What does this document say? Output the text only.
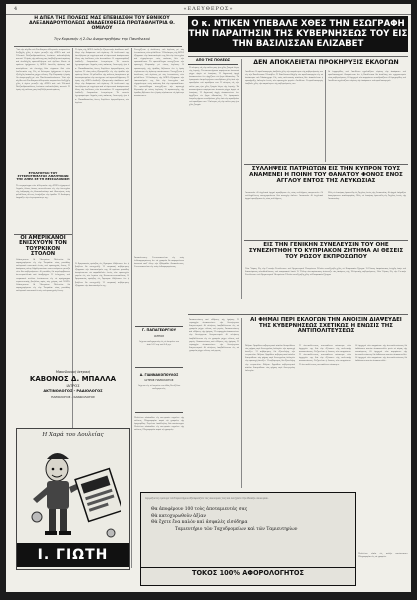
4	«ΕΛΕΥΘΕΡΟΣ»
Η ΑΠΕΛ ΤΗΣ ΠΟΛΕΩΣ ΜΑΣ ΕΠΕΒΙΑΣΘΗ ΤΟΥ ΕΘΝΙΚΟΥ ΑΛΕΞΑΝΔΡΟΥΠΟΛΕΩΣ ΑΝΑΔΕΙΧΘΕΙΣΑ ΠΡΩΤΑΘΛΗΤΡΙΑ Θ. ΟΜΙΛΟΥ
Την Κυριακήν ή 2-0ω Αναμετρηθήσω την Πανεθνικού
Ὑπὸ τὴν αἰγίδα τοῦ Συνδέσμου ἀθλητικῶν σωματείων διεξήχθη χθὲς ὁ ἀγὼν μεταξὺ τῆς ΑΠΕΛ καὶ τοῦ Ἐθνικοῦ Ἀλεξανδρουπόλεως ἐνώπιον πολυπληθοῦς κοινοῦ. Ἡ ὁμὰς τῆς πόλεως μας ἐπεβλήθη κατὰ κράτος καὶ ἀνεδείχθη πρωταθλήτρια τοῦ ὁμίλου. Κατὰ τὸ πρῶτον ἡμίχρονον ἡ ΑΠΕΛ ἐπετέθη ἀμέσως καὶ κατώρθωσε νὰ ἐπιτύχῃ δύο τέρματα διὰ τῶν ἐπιθετικῶν της. Εἰς τὸ δεύτερον ἡμίχρονον ὁ ἀγὼν ἐξελίχθη ἰσόπαλος μέχρι τέλους. Τὴν Κυριακὴν ἡ ὁμὰς θὰ ἀναμετρηθῇ μὲ τὸν Πανθεσσαλονίκειον. Ὑπὸ τὴν αἰγίδα τοῦ Συνδέσμου ἀθλητικῶν σωματείων διεξήχθη χθὲς ὁ ἀγὼν μεταξὺ τῆς ΑΠΕΛ καὶ τοῦ Ἐθνικοῦ Ἀλεξανδρουπόλεως ἐνώπιον πολυπληθοῦς κοινοῦ. Ἡ ὁμὰς τῆς πόλεως μας ἐπεβλήθη κατὰ κράτος.
Ἡ ὁμὰς τῆς ΑΠΕΛ ἐπέδειξε ἐξαιρετικὴν ἀπόδοσιν καθ' ὅλην τὴν διάρκειαν τοῦ ἀγῶνος. Οἱ ἐπιθετικοὶ της ἐκινήθησαν μὲ ταχύτητα καὶ οἱ ἀμυντικοὶ ἀπέκρουσαν ὅλας τὰς ἐπιθέσεις τῶν ἀντιπάλων. Ὁ τερματοφύλαξ ἐπέδειξε θαυμασίαν ἑτοιμότητα. Τὸ κοινὸν ἐχειροκρότησε θερμῶς τοὺς παίκτας. Διαιτητὴς ἦτο ὁ κ. Παπαδόπουλος ὅστις διηύθυνε ἀμερολήπτως τὸν ἀγῶνα. Ἡ νίκη αὕτη ἐξασφαλίζει εἰς τὴν ὁμάδα τὴν πρώτην θέσιν. Οἱ φίλαθλοι τῆς πόλεως ἀναμένουν μὲ ἀνυπομονησίαν τὴν συνέχειαν τοῦ πρωταθλήματος. Ἡ ὁμὰς τῆς ΑΠΕΛ ἐπέδειξε ἐξαιρετικὴν ἀπόδοσιν καθ' ὅλην τὴν διάρκειαν τοῦ ἀγῶνος. Οἱ ἐπιθετικοὶ της ἐκινήθησαν μὲ ταχύτητα καὶ οἱ ἀμυντικοὶ ἀπέκρουσαν ὅλας τὰς ἐπιθέσεις τῶν ἀντιπάλων. Ὁ τερματοφύλαξ ἐπέδειξε θαυμασίαν ἑτοιμότητα. Τὸ κοινὸν ἐχειροκρότησε θερμῶς τοὺς παίκτας. Διαιτητὴς ἦτο ὁ κ. Παπαδόπουλος ὅστις διηύθυνε ἀμερολήπτως τὸν ἀγῶνα.
ΕΥΧΑΡΙΣΤΙΑΙ ΤΟΥ ΣΥΓΚΡΟΤΗΜΑΤΟΣ ΑΘΛΗΤΙΚΩΝ ΤΗΣ ΑΠΕΛ ΣΕ ΤΗ ΘΕΣΣΑΛΟΝΙΚΗ
Τὸ συγκρότημα τῶν ἀθλητικῶν τῆς ΑΠΕΛ εὐχαριστεῖ θερμῶς ὅλους ὅσους συνετέλεσαν εἰς τὴν ἐπιτυχίαν τῆς ἐκδρομῆς εἰς Θεσσαλονίκην καὶ ἰδιαιτέρως τοὺς φιλάθλους οἵτινες ἐστήριξαν τὴν ὁμάδα. Ἡ διοίκησις ἐκφράζει τὴν εὐγνωμοσύνην της.
ΟΙ ΑΜΕΡΙΚΑΝΟΙ ΕΝΙΣΧΥΟΥΝ ΤΟΝ ΤΟΥΡΚΙΚΟΝ ΣΤΟΛΟΝ
Οὐάσιγκτων. Αἱ Ἡνωμέναι Πολιτεῖαι θὰ παραχωρήσουν εἰς τὴν Τουρκίαν νέας μονάδας πολεμικοῦ ναυτικοῦ ἐντὸς τοῦ προσεχοῦς ἔτους. Ἡ ἀπόφασις αὕτη ἐλήφθη κατόπιν συνεννοήσεων μεταξὺ τῶν δύο κυβερνήσεων. Αἱ μονάδες θὰ περιλαμβάνουν ἀντιτορπιλλικὰ καὶ ὑποβρύχια. Ἡ ἐνίσχυσις τοῦ τουρκικοῦ στόλου ἐντάσσεται εἰς τὸ πρόγραμμα στρατιωτικῆς βοηθείας πρὸς τὰς χώρας τοῦ ΝΑΤΟ. Οὐάσιγκτων. Αἱ Ἡνωμέναι Πολιτεῖαι θὰ παραχωρήσουν εἰς τὴν Τουρκίαν νέας μονάδας πολεμικοῦ ναυτικοῦ ἐντὸς τοῦ προσεχοῦς ἔτους.
Ὁ Ἀμερικανὸς πρέσβυς εἰς Ἄγκυραν ἐδήλωσεν ὅτι ἡ βοήθεια θὰ συνεχισθῇ. Ἡ τουρκικὴ κυβέρνησις ἐξέφρασε τὴν ἱκανοποίησίν της. Αἱ πρῶται μονάδες ἀναμένονται νὰ παραδοθοῦν ἐντὸς τῶν προσεχῶν μηνῶν εἰς τὸν λιμένα τῆς Κωνσταντινουπόλεως. Ὁ Ἀμερικανὸς πρέσβυς εἰς Ἄγκυραν ἐδήλωσεν ὅτι ἡ βοήθεια θὰ συνεχισθῇ. Ἡ τουρκικὴ κυβέρνησις ἐξέφρασε τὴν ἱκανοποίησίν της.
Μακεδονική Ιατρική
ΚΑΒΟΝΟΣ Δ. ΜΠΑΛΛΑ
ΙΑΤΡΟΣ
ΑΚΤΙΝΟΛΟΓΟΣ - ΡΑΔΙΟΛΟΓΟΣ
ΠΑΘΟΛΟΓΟΣ - ΚΑΡΔΙΟΛΟΓΟΣ
Η Χαρά του Δουλείας
Ι. ΓΙΩΤΗ
Συνεχίζεται ἡ ἀνάλυσις τοῦ ἀγῶνος μὲ τὰς ἐντυπώσεις τῶν φιλάθλων. Ἡ διοίκησις τῆς ΑΠΕΛ ἐξέφρασε τὴν ἱκανοποίησίν της διὰ τὴν ἐπιτυχίαν καὶ εὐχαρίστησε τοὺς παίκτας διὰ τὴν προσπάθειαν. Τὸ πρωτάθλημα συνεχίζεται τὴν προσεχῆ Κυριακὴν μὲ νέους ἀγῶνας. Ὁ προπονητὴς τῆς ὁμάδος δήλωσεν ὅτι ἡ ὁμὰς εὑρίσκεται εἰς ἀρίστην κατάστασιν. Συνεχίζεται ἡ ἀνάλυσις τοῦ ἀγῶνος μὲ τὰς ἐντυπώσεις τῶν φιλάθλων. Ἡ διοίκησις τῆς ΑΠΕΛ ἐξέφρασε τὴν ἱκανοποίησίν της διὰ τὴν ἐπιτυχίαν καὶ εὐχαρίστησε τοὺς παίκτας διὰ τὴν προσπάθειαν. Τὸ πρωτάθλημα συνεχίζεται τὴν προσεχῆ Κυριακὴν μὲ νέους ἀγῶνας. Ὁ προπονητὴς τῆς ὁμάδος δήλωσεν ὅτι ἡ ὁμὰς εὑρίσκεται εἰς ἀρίστην κατάστασιν.
Ἀνακοίνωσις. Γνωστοποιεῖται εἰς τοὺς ἐνδιαφερομένους ὅτι τὰ γραφεῖα θὰ παραμείνουν ἀνοικτὰ καθ' ὅλην τὴν ἑβδομάδα. Ἀνακοίνωσις. Γνωστοποιεῖται εἰς τοὺς ἐνδιαφερομένους.
Γ. ΠΑΠΑΓΕΩΡΓΙΟΥ
ΙΑΤΡΟΣ
Δέχεται καθημερινῶς εἰς τὸ ἰατρεῖον του ἀπὸ 9-12 π.μ. καὶ 4-8 μ.μ.
Δ. ΓΙΑΝΝΑΚΟΠΟΥΛΟΣ
ΙΑΤΡΟΣ ΠΑΘΟΛΟΓΟΣ
Δέχεται εἰς τὸ ἰατρεῖον του ὁδὸς Βενιζέλου καθημερινῶς.
Πωλεῖται οἰκόπεδον εἰς κεντρικὸν σημεῖον τῆς πόλεως. Πληροφορίαι παρὰ τῷ γραφείῳ τῆς ἐφημερίδος. Ζητεῖται ὑπάλληλος διὰ κατάστημα. Πωλεῖται οἰκόπεδον εἰς κεντρικὸν σημεῖον τῆς πόλεως. Πληροφορίαι παρὰ τῷ γραφείῳ.
Ο κ. ΝΤΙΚΕΝ ΥΠΕΒΑΛΕ ΧΘΕΣ ΤΗΝ ΕΣΩΓΡΑΦΗ ΤΗΝ ΠΑΡΑΙΤΗΣΙΝ ΤΗΣ ΚΥΒΕΡΝΗΣΕΩΣ ΤΟΥ ΕΙΣ ΤΗΝ ΒΑΣΙΛΙΣΣΑΝ ΕΛΙΖΑΒΕΤ
ΑΠΟ ΤΗΣ ΠΟΛΕΩΣ
Ἡ κίνησις εἰς τὴν πόλιν μας ἦτο χθὲς ζωηρὰ λόγῳ τῆς ἑορτῆς. Τὰ καταστήματα παρέμειναν ἀνοικτὰ μέχρι ἀργὰ τὸ ἑσπέρας. Ἡ δημοτικὴ ἀρχὴ ἀνακοινώνει ὅτι ἀρχίζουν τὰ ἔργα ὀδοποιίας. Τὸ ἐμπορικὸν ἐπιμελητήριον συνεδρίασε χθὲς ὑπὸ τὴν προεδρίαν τοῦ προέδρου του. Ἡ κίνησις εἰς τὴν πόλιν μας ἦτο χθὲς ζωηρὰ λόγῳ τῆς ἑορτῆς. Τὰ καταστήματα παρέμειναν ἀνοικτὰ μέχρι ἀργὰ τὸ ἑσπέρας. Ἡ δημοτικὴ ἀρχὴ ἀνακοινώνει ὅτι ἀρχίζουν τὰ ἔργα ὀδοποιίας. Τὸ ἐμπορικὸν ἐπιμελητήριον συνεδρίασε χθὲς ὑπὸ τὴν προεδρίαν τοῦ προέδρου του. Ἡ κίνησις εἰς τὴν πόλιν μας ἦτο χθὲς ζωηρά.
ΔΕΝ ΑΠΟΚΛΕΙΕΤΑΙ ΠΡΟΚΗΡΥΞΙΣ ΕΚΛΟΓΩΝ
Λονδῖνον. Ὁ πρωθυπουργὸς ὑπέβαλε χθὲς τὴν παραίτησιν τῆς κυβερνήσεώς του εἰς τὴν Βασίλισσαν Ἐλισάβετ. Ἡ Βασίλισσα ἐδέχθη τὸν πρωθυπουργὸν εἰς τὰ ἀνάκτορα τοῦ Μπάκιγχαμ. Εἰς τοὺς πολιτικοὺς κύκλους δὲν ἀποκλείεται ἡ προκήρυξις ἐκλογῶν ἐντὸς τῶν προσεχῶν μηνῶν. Λονδῖνον. Ὁ πρωθυπουργὸς ὑπέβαλε χθὲς τὴν παραίτησιν τῆς κυβερνήσεώς του.
Αἱ ἐφημερίδες τοῦ Λονδίνου σχολιάζουν εὐρέως τὴν ἀπόφασιν τοῦ πρωθυπουργοῦ. Ἀναμένεται ὅτι ἡ Βασίλισσα θὰ ἀναθέσῃ τὸν σχηματισμὸν νέας κυβερνήσεως. Οἱ ἀρχηγοὶ τῶν κομμάτων συνεδριάζουν. Αἱ ἐφημερίδες τοῦ Λονδίνου σχολιάζουν εὐρέως τὴν ἀπόφασιν τοῦ πρωθυπουργοῦ.
ΣΥΛΛΗΨΕΙΣ ΠΑΤΡΙΩΤΩΝ ΕΙΣ ΤΗΝ ΚΥΠΡΟΝ ΤΟΥΣ ΑΝΑΜΕΝΕΙ Η ΠΟΙΝΗ ΤΟΥ ΘΑΝΑΤΟΥ ΦΟΝΟΣ ΕΝΟΣ ΑΓΓΛΟΥ ΕΝΤΟΣ ΤΗΣ ΛΕΥΚΩΣΙΑΣ
Λευκωσία. Αἱ ἀγγλικαὶ ἀρχαὶ προέβησαν εἰς νέας συλλήψεις πατριωτῶν. Οἱ συλληφθέντες κατηγοροῦνται διὰ κατοχὴν ὅπλων. Λευκωσία. Αἱ ἀγγλικαὶ ἀρχαὶ προέβησαν εἰς νέας συλλήψεις.
Χθὲς τὸ ἑσπέρας ἐφονεύθη εἷς Ἄγγλος ἐντὸς τῆς Λευκωσίας. Αἱ ἀρχαὶ ἐκήρυξαν ἀπαγόρευσιν κυκλοφορίας. Χθὲς τὸ ἑσπέρας ἐφονεύθη εἷς Ἄγγλος ἐντὸς τῆς Λευκωσίας.
ΕΙΣ ΤΗΝ ΓΕΝΙΚΗΝ ΣΥΝΕΛΕΥΣΙΝ ΤΟΥ ΟΗΕ ΣΥΝΕΖΗΤΗΘΗ ΤΟ ΚΥΠΡΙΑΚΟΝ ΖΗΤΗΜΑ ΑΙ ΘΕΣΕΙΣ ΤΟΥ ΡΩΣΟΥ ΕΚΠΡΟΣΩΠΟΥ
Νέα Ὑόρκη. Εἰς τὴν Γενικὴν Συνέλευσιν τοῦ Ὀργανισμοῦ Ἡνωμένων Ἐθνῶν συνεζητήθη χθὲς τὸ Κυπριακὸν ζήτημα. Ὁ Ρῶσος ἐκπρόσωπος ἐτάχθη ὑπὲρ τοῦ δικαιώματος αὐτοδιαθέσεως τοῦ κυπριακοῦ λαοῦ. Ὁ Ἕλλην ἀντιπρόσωπος ἀνέπτυξε τὰς ἀπόψεις τῆς Ἑλληνικῆς κυβερνήσεως. Νέα Ὑόρκη. Εἰς τὴν Γενικὴν Συνέλευσιν τοῦ Ὀργανισμοῦ Ἡνωμένων Ἐθνῶν συνεζητήθη χθὲς τὸ Κυπριακὸν ζήτημα.
Ἀνακοινώσεις καὶ εἰδήσεις τῆς ἡμέρας. Ἡ νομαρχία ἀνακοινώνει τὴν διενέργειαν διαγωνισμοῦ. Αἱ αἰτήσεις ὑποβάλλονται εἰς τὰ γραφεῖα μέχρι τέλους τοῦ μηνός. Ἀνακοινώσεις καὶ εἰδήσεις τῆς ἡμέρας. Ἡ νομαρχία ἀνακοινώνει τὴν διενέργειαν διαγωνισμοῦ. Αἱ αἰτήσεις ὑποβάλλονται εἰς τὰ γραφεῖα μέχρι τέλους τοῦ μηνός. Ἀνακοινώσεις καὶ εἰδήσεις τῆς ἡμέρας. Ἡ νομαρχία ἀνακοινώνει τὴν διενέργειαν διαγωνισμοῦ. Αἱ αἰτήσεις ὑποβάλλονται εἰς τὰ γραφεῖα μέχρι τέλους τοῦ μηνός.
ΑΙ ΦΗΜΑΙ ΠΕΡΙ ΕΚΛΟΓΩΝ ΤΗΝ ΑΝΟΙΞΙΝ ΔΙΑΨΕΥΔΕΙ ΤΗΣ ΚΥΒΕΡΝΗΣΕΩΣ ΣΧΕΤΙΚΩΣ Η ΕΝΩΣΙΣ ΤΗΣ ΑΝΤΙΠΟΛΙΤΕΥΣΕΩΣ
Ἀθῆναι. Ἁρμόδιοι κυβερνητικοὶ κύκλοι διαψεύδουν τὰς φήμας περὶ διενεργείας ἐκλογῶν τὴν προσεχῆ ἄνοιξιν. Ἡ κυβέρνησις θὰ ἐξαντλήσῃ τὴν τετραετίαν. Ἀθῆναι. Ἁρμόδιοι κυβερνητικοὶ κύκλοι διαψεύδουν τὰς φήμας περὶ διενεργείας ἐκλογῶν τὴν προσεχῆ ἄνοιξιν. Ἡ κυβέρνησις θὰ ἐξαντλήσῃ τὴν τετραετίαν. Ἀθῆναι. Ἁρμόδιοι κυβερνητικοὶ κύκλοι διαψεύδουν τὰς φήμας περὶ διενεργείας ἐκλογῶν.
Ἡ ἀντιπολίτευσις συνεκάλεσε σύσκεψιν τῶν ἀρχηγῶν της διὰ τὴν ἐξέτασιν τῆς πολιτικῆς καταστάσεως. Συζητεῖται ἡ ἕνωσις τῶν κομμάτων. Ἡ ἀντιπολίτευσις συνεκάλεσε σύσκεψιν τῶν ἀρχηγῶν της διὰ τὴν ἐξέτασιν τῆς πολιτικῆς καταστάσεως. Συζητεῖται ἡ ἕνωσις τῶν κομμάτων. Ἡ ἀντιπολίτευσις συνεκάλεσε σύσκεψιν.
Οἱ ἀρχηγοὶ τῶν κομμάτων τῆς ἀντιπολιτεύσεως θὰ ἐκδώσουν κοινὸν ἀνακοινωθὲν μετὰ τὸ πέρας τῆς συσκέψεως. Οἱ ἀρχηγοὶ τῶν κομμάτων τῆς ἀντιπολιτεύσεως θὰ ἐκδώσουν κοινὸν ἀνακοινωθὲν. Οἱ ἀρχηγοὶ τῶν κομμάτων τῆς ἀντιπολιτεύσεως θὰ ἐκδώσουν κοινὸν ἀνακοινωθέν.
Ἀγοράζοντες ὁμόλογα τοῦ Ταμιευτηρίου ἐξασφαλίζετε τὰς οἰκονομίας σας καὶ ἐνισχύετε τὴν ἐθνικὴν οἰκονομίαν.
Θα ἀποφέρουν 100 τοὺς ἀποταμιευτάς σας
Θὰ κατοχυρωθοῦν ἀξίαν
Θὰ ἔχετε ἕνα καλὸν καὶ ἀσφαλὲς εἰσόδημα
Ταμιευτήριο τῶν Ταχυδρομείων καὶ τῶν Ταμιευτηρίων
ΤΟΚΟΣ 100% ΑΦΟΡΟΛΟΓΗΤΟΣ
Πωλεῖται οἰκία εἰς καλὴν κατάστασιν. Πληροφορίαι εἰς τὰ γραφεῖα.
